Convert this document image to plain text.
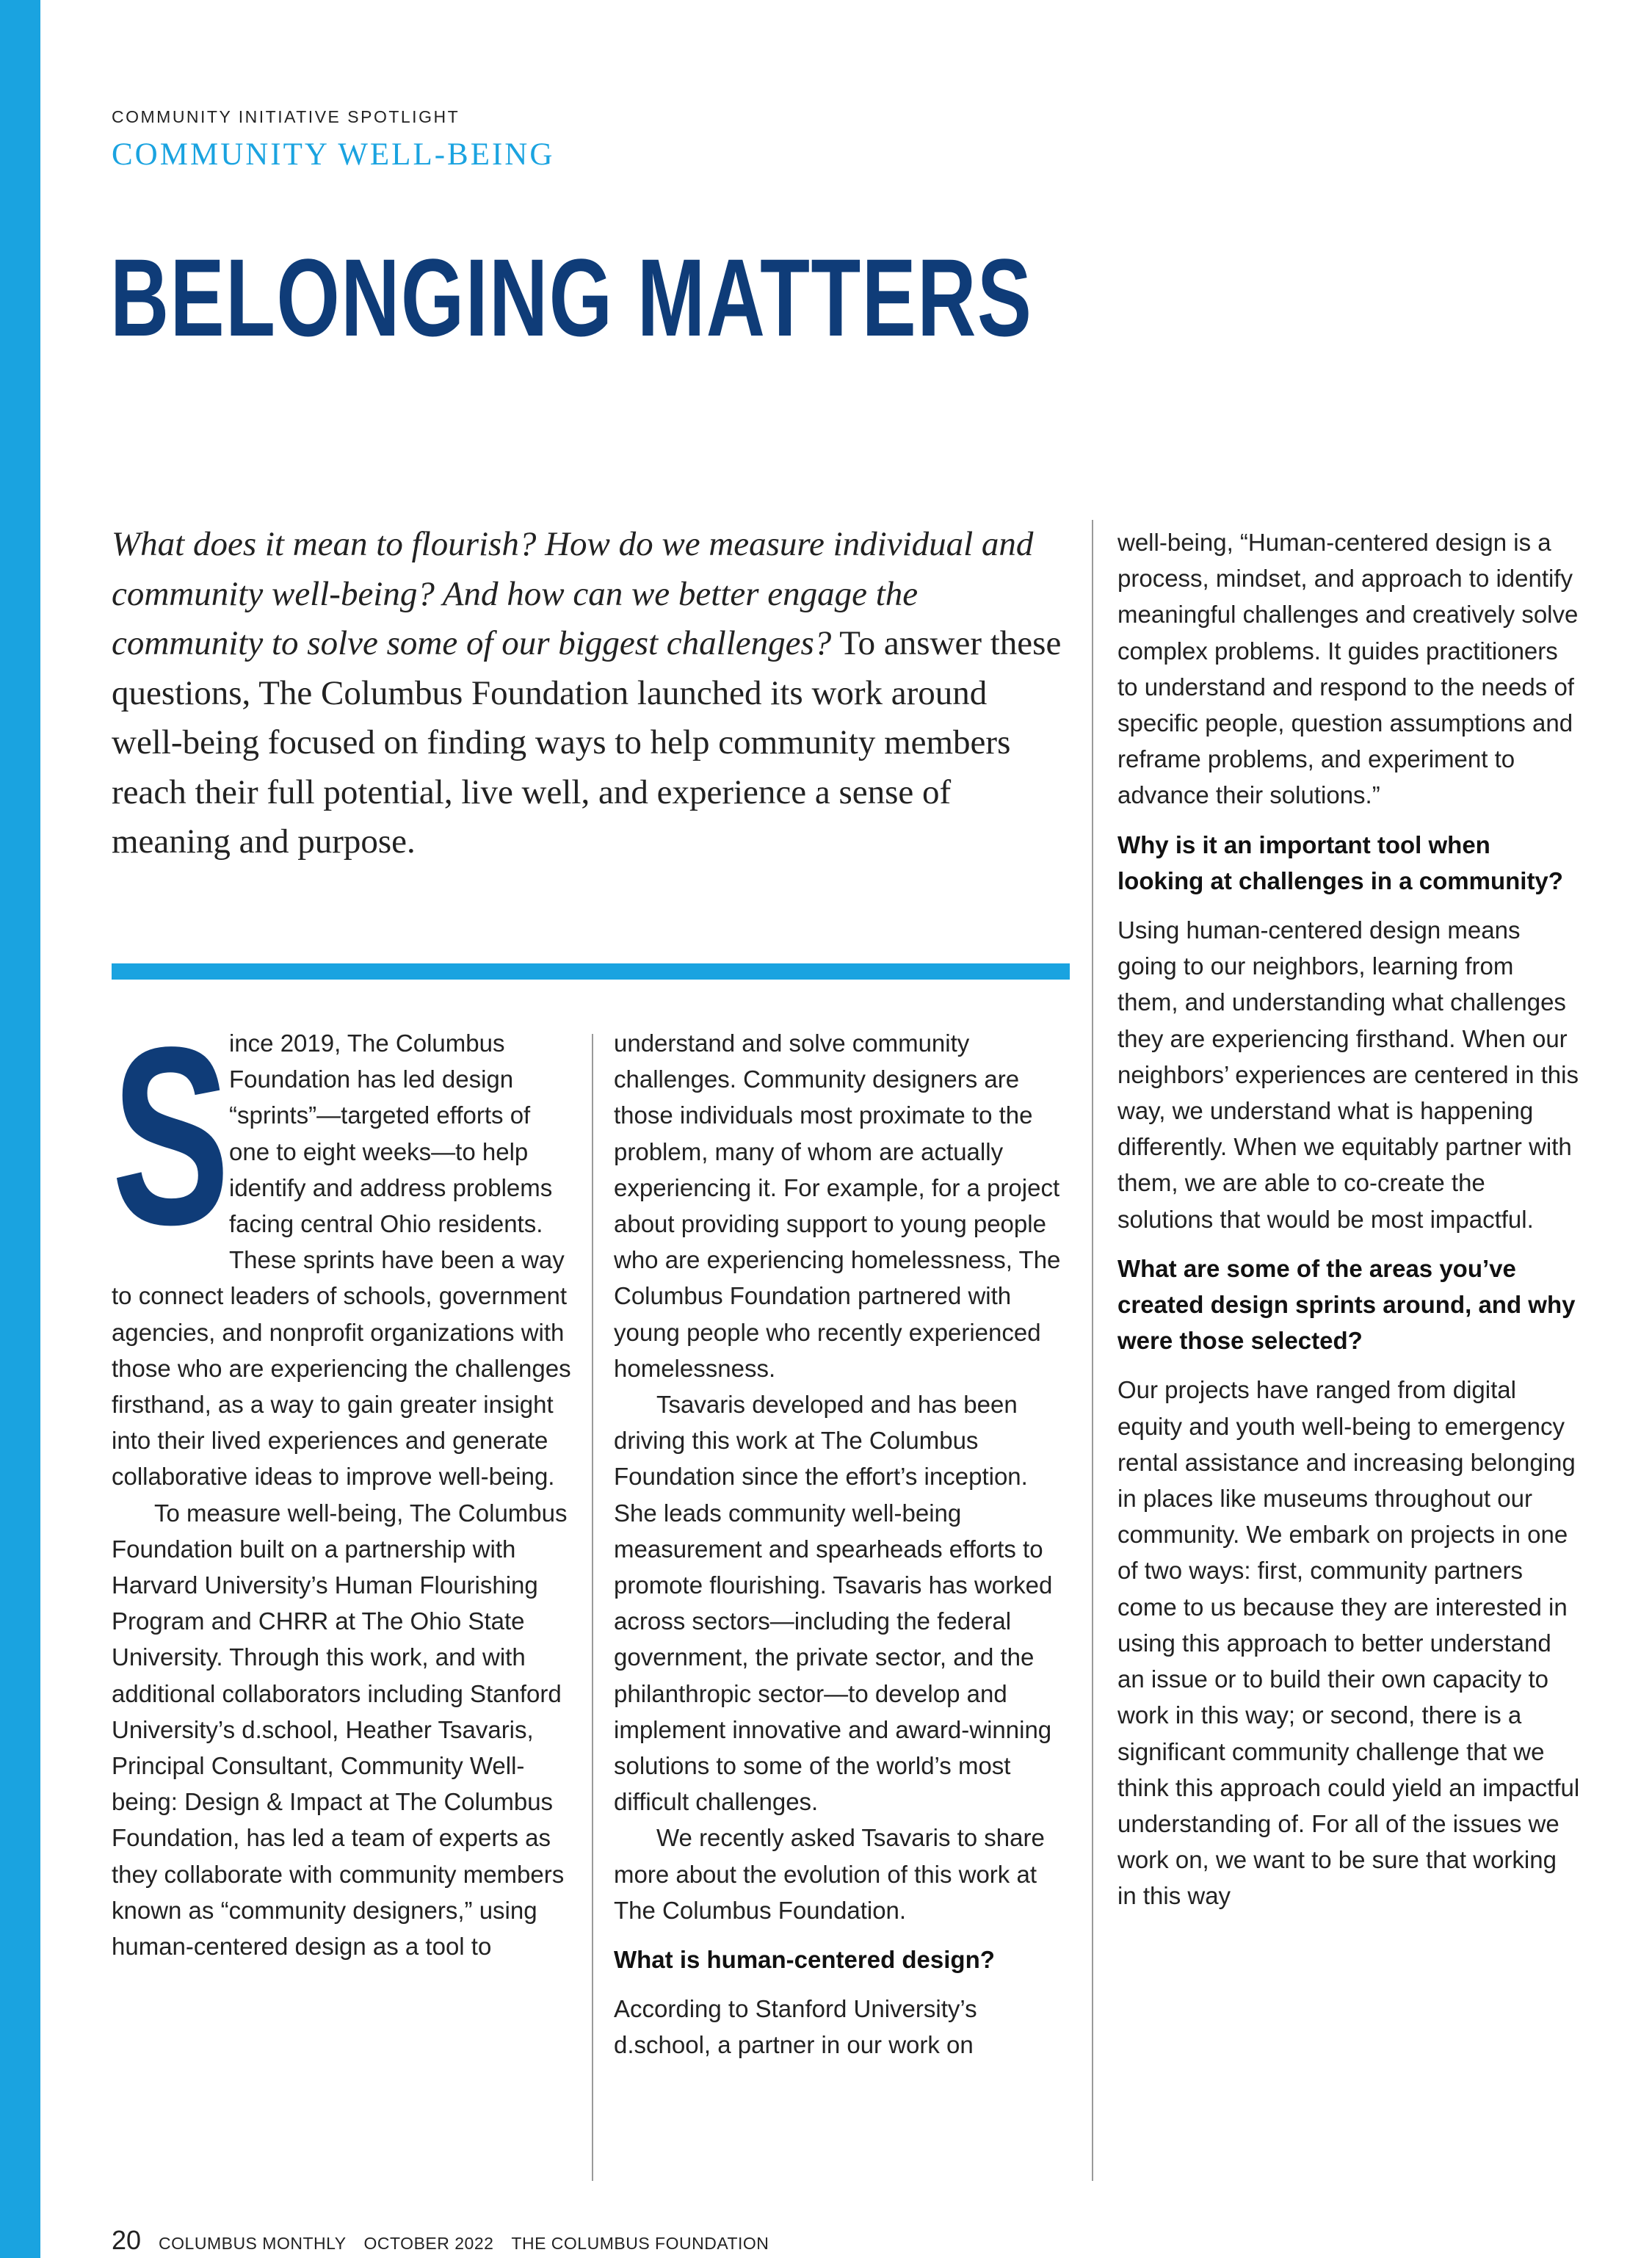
COMMUNITY INITIATIVE SPOTLIGHT
COMMUNITY WELL-BEING
BELONGING MATTERS
What does it mean to flourish? How do we measure individual and community well-being? And how can we better engage the community to solve some of our biggest challenges? To answer these questions, The Columbus Foundation launched its work around well-being focused on finding ways to help community members reach their full potential, live well, and experience a sense of meaning and purpose.
S

ince 2019, The Columbus Foundation has led design “sprints”—targeted efforts of one to eight weeks—to help identify and address problems facing central Ohio residents. These sprints have been a way to connect leaders of schools, government agencies, and nonprofit organizations with those who are experiencing the challenges firsthand, as a way to gain greater insight into their lived experiences and generate collaborative ideas to improve well-being.

To measure well-being, The Columbus Foundation built on a partnership with Harvard University’s Human Flourishing Program and CHRR at The Ohio State University. Through this work, and with additional collaborators including Stanford University’s d.school, Heather Tsavaris, Principal Consultant, Community Well-being: Design & Impact at The Columbus Foundation, has led a team of experts as they collaborate with community members known as “community designers,” using human-centered design as a tool to

understand and solve community challenges. Community designers are those individuals most proximate to the problem, many of whom are actually experiencing it. For example, for a project about providing support to young people who are experiencing homelessness, The Columbus Foundation partnered with young people who recently experienced homelessness.

Tsavaris developed and has been driving this work at The Columbus Foundation since the effort’s inception. She leads community well-being measurement and spearheads efforts to promote flourishing. Tsavaris has worked across sectors—including the federal government, the private sector, and the philanthropic sector—to develop and implement innovative and award-winning solutions to some of the world’s most difficult challenges.

We recently asked Tsavaris to share more about the evolution of this work at The Columbus Foundation.

What is human-centered design?

According to Stanford University’s d.school, a partner in our work on

well-being, “Human-centered design is a process, mindset, and approach to identify meaningful challenges and creatively solve complex problems. It guides practitioners to understand and respond to the needs of specific people, question assumptions and reframe problems, and experiment to advance their solutions.”

Why is it an important tool when looking at challenges in a community?

Using human-centered design means going to our neighbors, learning from them, and understanding what challenges they are experiencing firsthand. When our neighbors’ experiences are centered in this way, we understand what is happening differently. When we equitably partner with them, we are able to co-create the solutions that would be most impactful.

What are some of the areas you’ve created design sprints around, and why were those selected?

Our projects have ranged from digital equity and youth well-being to emergency rental assistance and increasing belonging in places like museums throughout our community. We embark on projects in one of two ways: first, community partners come to us because they are interested in using this approach to better understand an issue or to build their own capacity to work in this way; or second, there is a significant community challenge that we think this approach could yield an impactful understanding of. For all of the issues we work on, we want to be sure that working in this way

20 COLUMBUS MONTHLY OCTOBER 2022 THE COLUMBUS FOUNDATION
